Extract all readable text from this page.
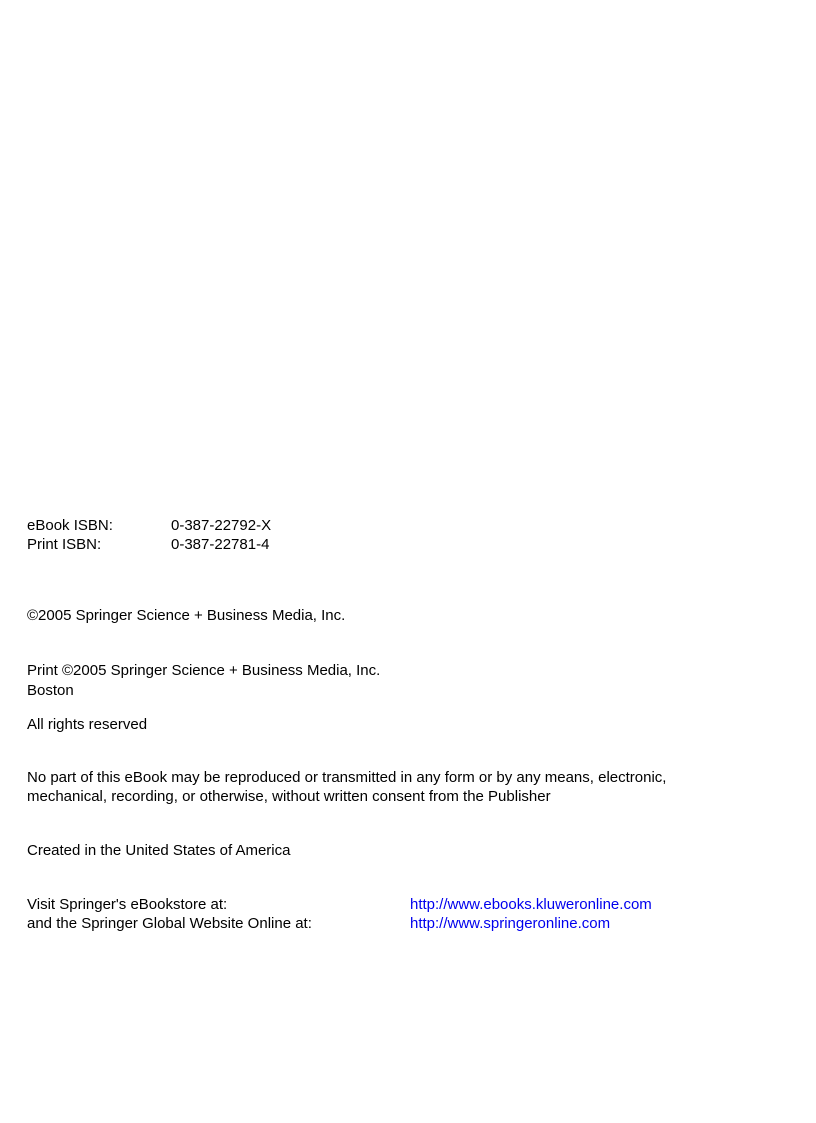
eBook ISBN:	0-387-22792-X
Print ISBN:	0-387-22781-4
©2005 Springer Science + Business Media, Inc.
Print ©2005 Springer Science + Business Media, Inc.
Boston
All rights reserved
No part of this eBook may be reproduced or transmitted in any form or by any means, electronic,
mechanical, recording, or otherwise, without written consent from the Publisher
Created in the United States of America
Visit Springer's eBookstore at:	http://www.ebooks.kluweronline.com
and the Springer Global Website Online at:	http://www.springeronline.com
